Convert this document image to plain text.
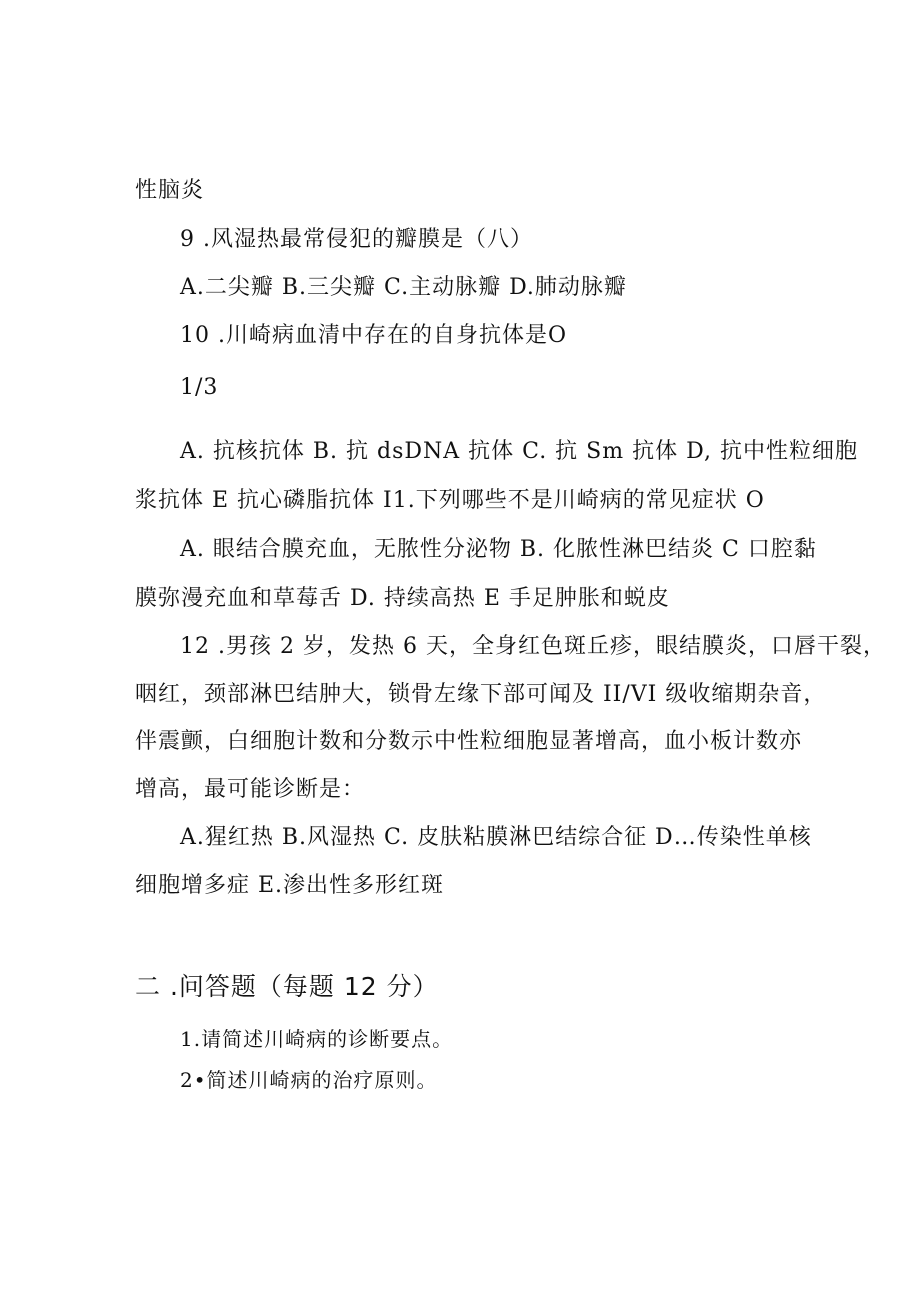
性脑炎
9 .风湿热最常侵犯的瓣膜是（八）
A.二尖瓣 B.三尖瓣 C.主动脉瓣 D.肺动脉瓣
10 .川崎病血清中存在的自身抗体是O
1/3
A. 抗核抗体 B. 抗 dsDNA 抗体 C. 抗 Sm 抗体 D, 抗中性粒细胞
浆抗体 E 抗心磷脂抗体 I1.下列哪些不是川崎病的常见症状 O
A. 眼结合膜充血，无脓性分泌物 B. 化脓性淋巴结炎 C 口腔黏
膜弥漫充血和草莓舌 D. 持续高热 E 手足肿胀和蜕皮
12 .男孩 2 岁，发热 6 天，全身红色斑丘疹，眼结膜炎，口唇干裂，
咽红，颈部淋巴结肿大，锁骨左缘下部可闻及 II/VI 级收缩期杂音，
伴震颤，白细胞计数和分数示中性粒细胞显著增高，血小板计数亦
增高，最可能诊断是：
A.猩红热 B.风湿热 C. 皮肤粘膜淋巴结综合征 D…传染性单核
细胞增多症 E.渗出性多形红斑
二 .问答题（每题 12 分）
1.请简述川崎病的诊断要点。
2•简述川崎病的治疗原则。
